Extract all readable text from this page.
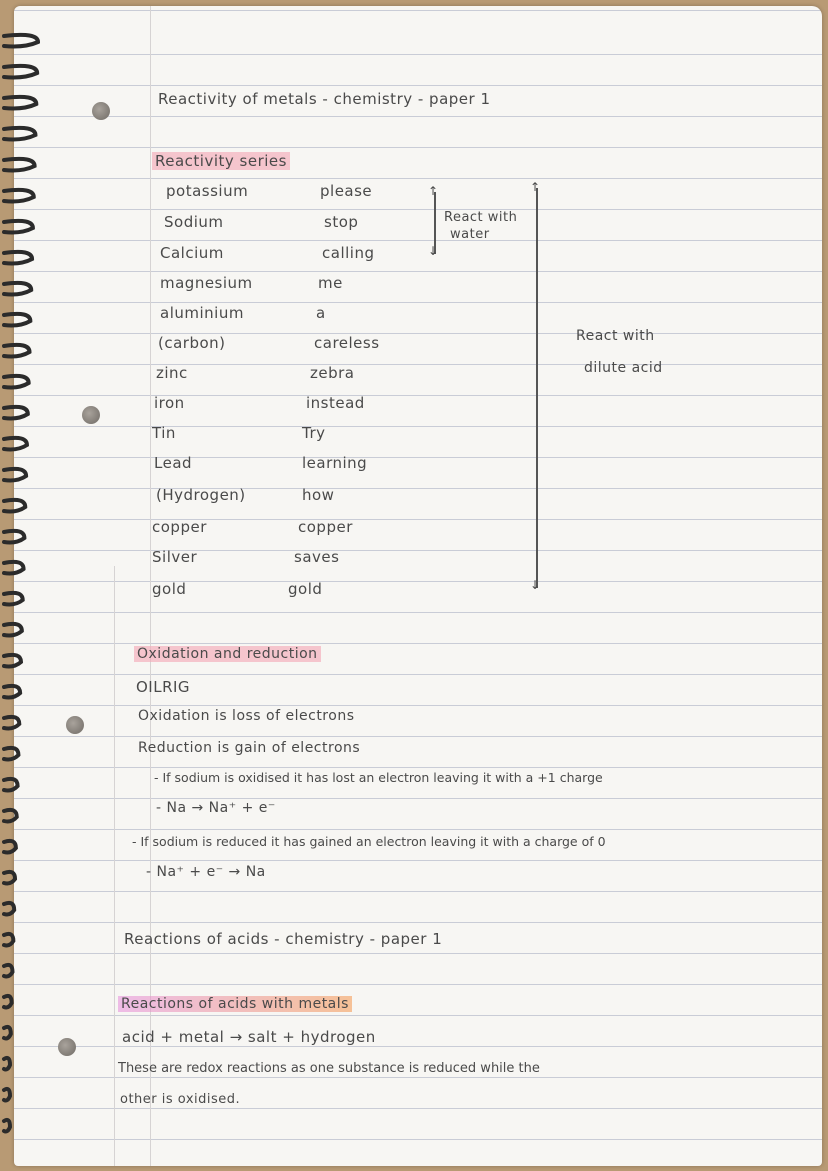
Reactivity of metals - chemistry - paper 1
Reactivity series
potassium	please
Sodium	stop
Calcium	calling
magnesium	me
aluminium	a
(carbon)	careless
zinc	zebra
iron	instead
Tin	Try
Lead	learning
(Hydrogen)	how
copper	copper
Silver	saves
gold	gold
↑
↓
React with
water
↑
↓
React with
dilute acid
Oxidation and reduction
OILRIG
Oxidation is loss of electrons
Reduction is gain of electrons
- If sodium is oxidised it has lost an electron leaving it with a +1 charge
- Na → Na⁺ + e⁻
- If sodium is reduced it has gained an electron leaving it with a charge of 0
- Na⁺ + e⁻ → Na
Reactions of acids - chemistry - paper 1
Reactions of acids with metals
acid + metal → salt + hydrogen
These are redox reactions as one substance is reduced while the
other is oxidised.
